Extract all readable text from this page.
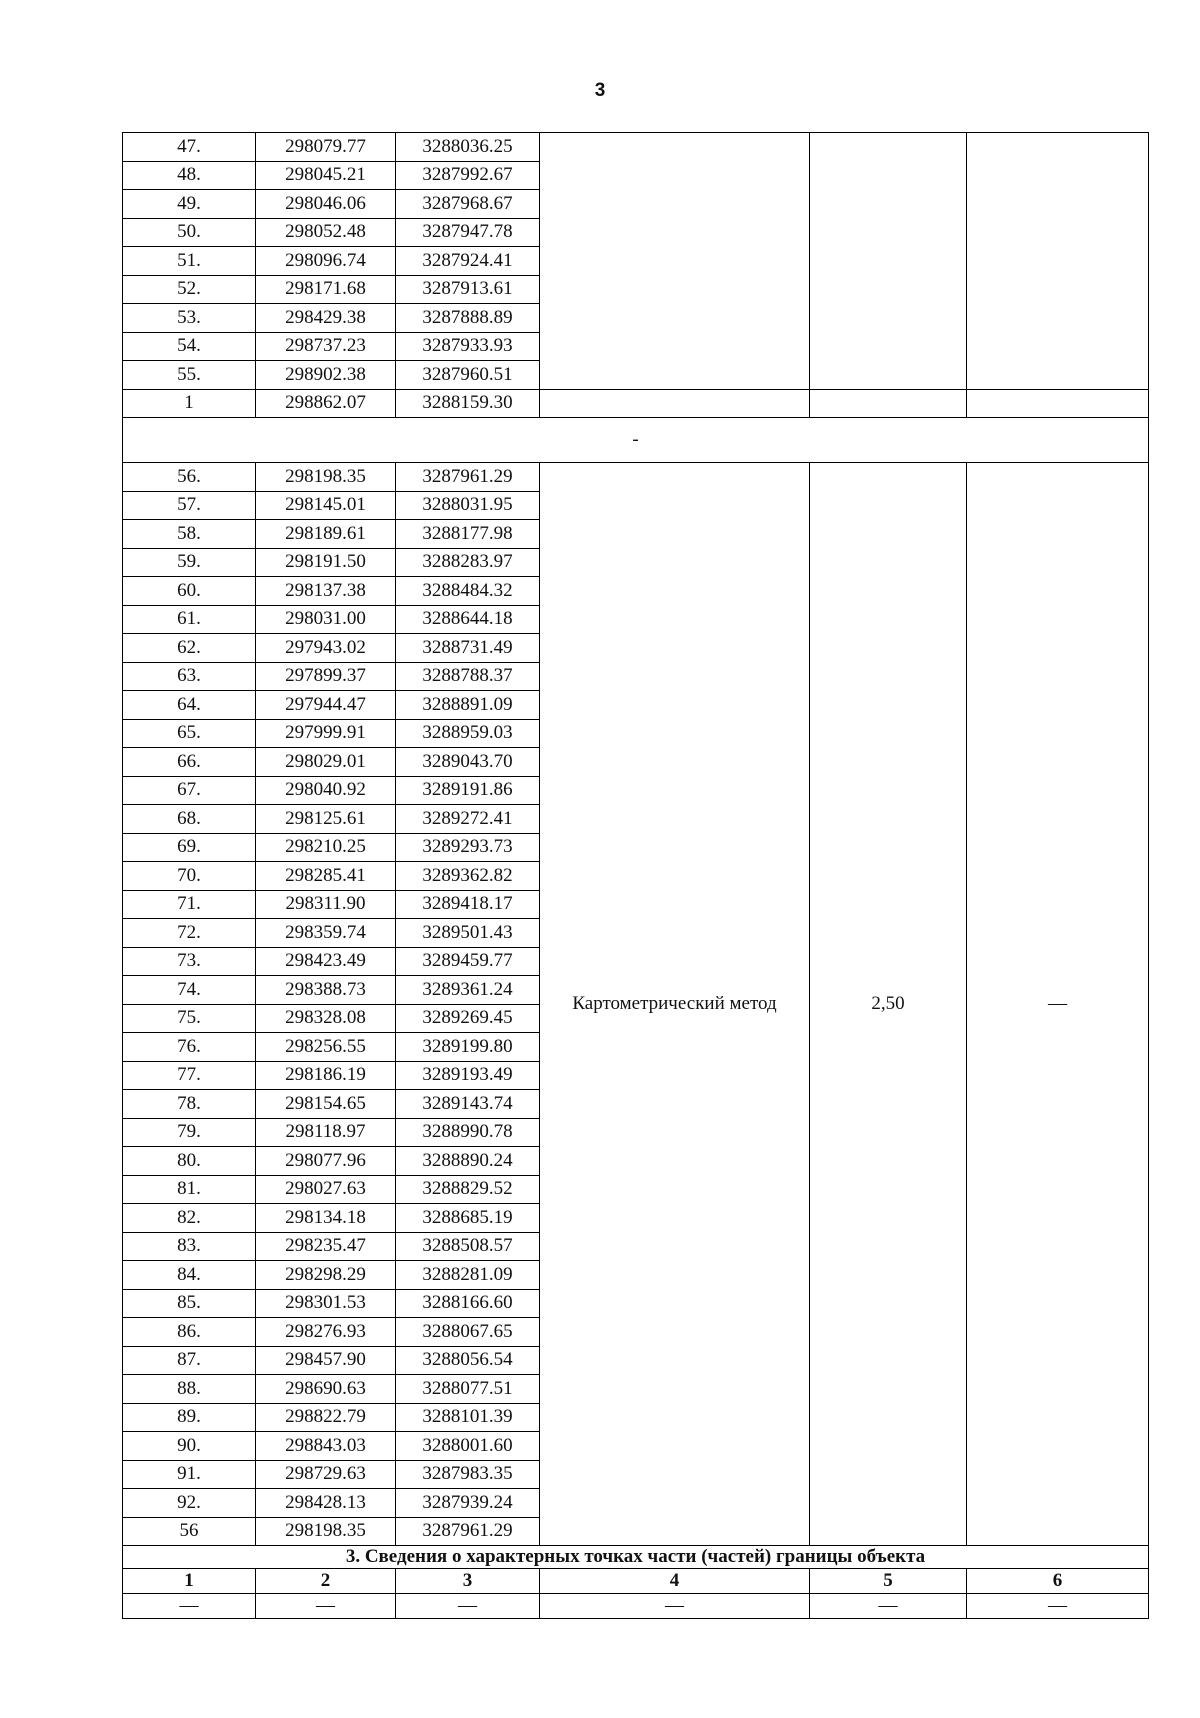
3
47.	298079.77	3288036.25			
48.	298045.21	3287992.67			
49.	298046.06	3287968.67			
50.	298052.48	3287947.78			
51.	298096.74	3287924.41			
52.	298171.68	3287913.61			
53.	298429.38	3287888.89			
54.	298737.23	3287933.93			
55.	298902.38	3287960.51			
1	298862.07	3288159.30			
-					
56.	298198.35	3287961.29	Картометрический метод	2,50	—
57.	298145.01	3288031.95			
58.	298189.61	3288177.98			
59.	298191.50	3288283.97			
60.	298137.38	3288484.32			
61.	298031.00	3288644.18			
62.	297943.02	3288731.49			
63.	297899.37	3288788.37			
64.	297944.47	3288891.09			
65.	297999.91	3288959.03			
66.	298029.01	3289043.70			
67.	298040.92	3289191.86			
68.	298125.61	3289272.41			
69.	298210.25	3289293.73			
70.	298285.41	3289362.82			
71.	298311.90	3289418.17			
72.	298359.74	3289501.43			
73.	298423.49	3289459.77			
74.	298388.73	3289361.24			
75.	298328.08	3289269.45			
76.	298256.55	3289199.80			
77.	298186.19	3289193.49			
78.	298154.65	3289143.74			
79.	298118.97	3288990.78			
80.	298077.96	3288890.24			
81.	298027.63	3288829.52			
82.	298134.18	3288685.19			
83.	298235.47	3288508.57			
84.	298298.29	3288281.09			
85.	298301.53	3288166.60			
86.	298276.93	3288067.65			
87.	298457.90	3288056.54			
88.	298690.63	3288077.51			
89.	298822.79	3288101.39			
90.	298843.03	3288001.60			
91.	298729.63	3287983.35			
92.	298428.13	3287939.24			
56	298198.35	3287961.29			
3. Сведения о характерных точках части (частей) границы объекта					
1	2	3	4	5	6
—	—	—	—	—	—
